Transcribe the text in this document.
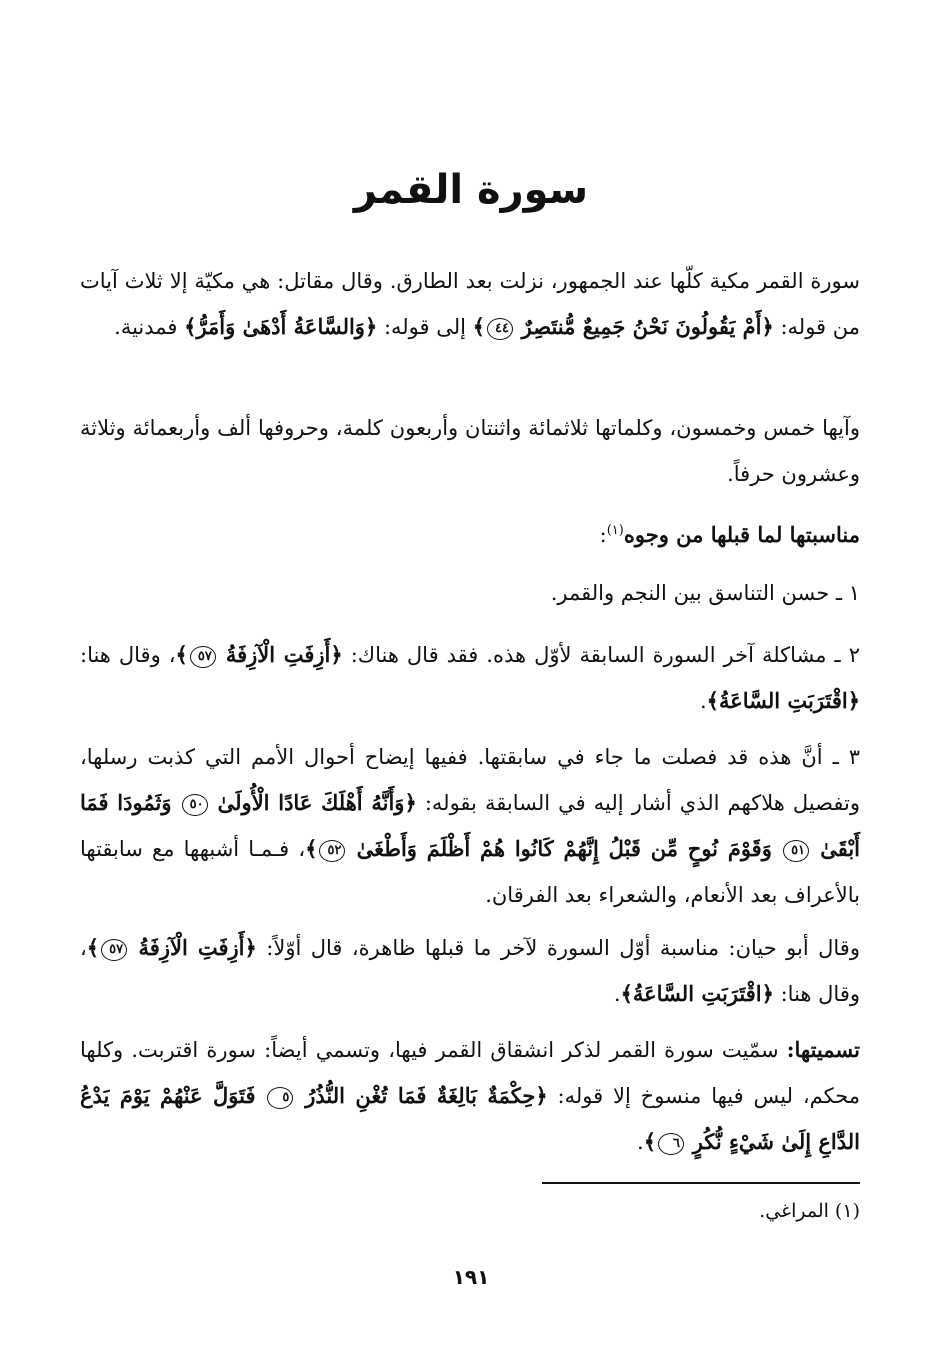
سورة القمر
سورة القمر مكية كلّها عند الجمهور، نزلت بعد الطارق. وقال مقاتل: هي مكيّة إلا ثلاث آيات من قوله: ﴿أَمْ يَقُولُونَ نَحْنُ جَمِيعٌ مُّنتَصِرٌ ٤٤﴾ إلى قوله: ﴿وَالسَّاعَةُ أَدْهَىٰ وَأَمَرُّ﴾ فمدنية.
وآيها خمس وخمسون، وكلماتها ثلاثمائة واثنتان وأربعون كلمة، وحروفها ألف وأربعمائة وثلاثة وعشرون حرفاً.
مناسبتها لما قبلها من وجوه$^{(١)}$:
١ ـ حسن التناسق بين النجم والقمر.
٢ ـ مشاكلة آخر السورة السابقة لأوّل هذه. فقد قال هناك: ﴿أَزِفَتِ الْآزِفَةُ ٥٧﴾، وقال هنا: ﴿اقْتَرَبَتِ السَّاعَةُ﴾.
٣ ـ أنَّ هذه قد فصلت ما جاء في سابقتها. ففيها إيضاح أحوال الأمم التي كذبت رسلها، وتفصيل هلاكهم الذي أشار إليه في السابقة بقوله: ﴿وَأَنَّهُ أَهْلَكَ عَادًا الْأُولَىٰ ٥٠ وَثَمُودَا فَمَا أَبْقَىٰ ٥١ وَقَوْمَ نُوحٍ مِّن قَبْلُ إِنَّهُمْ كَانُوا هُمْ أَظْلَمَ وَأَطْغَىٰ ٥٢﴾، فـمـا أشبهها مع سابقتها بالأعراف بعد الأنعام، والشعراء بعد الفرقان.
وقال أبو حيان: مناسبة أوّل السورة لآخر ما قبلها ظاهرة، قال أوّلاً: ﴿أَزِفَتِ الْآزِفَةُ ٥٧﴾، وقال هنا: ﴿اقْتَرَبَتِ السَّاعَةُ﴾.
تسميتها: سمّيت سورة القمر لذكر انشقاق القمر فيها، وتسمي أيضاً: سورة اقتربت. وكلها محكم، ليس فيها منسوخ إلا قوله: ﴿حِكْمَةٌ بَالِغَةٌ فَمَا تُغْنِ النُّذُرُ ٥ فَتَوَلَّ عَنْهُمْ يَوْمَ يَدْعُ الدَّاعِ إِلَىٰ شَيْءٍ نُّكُرٍ ٦﴾.
(١) المراغي.
١٩١
